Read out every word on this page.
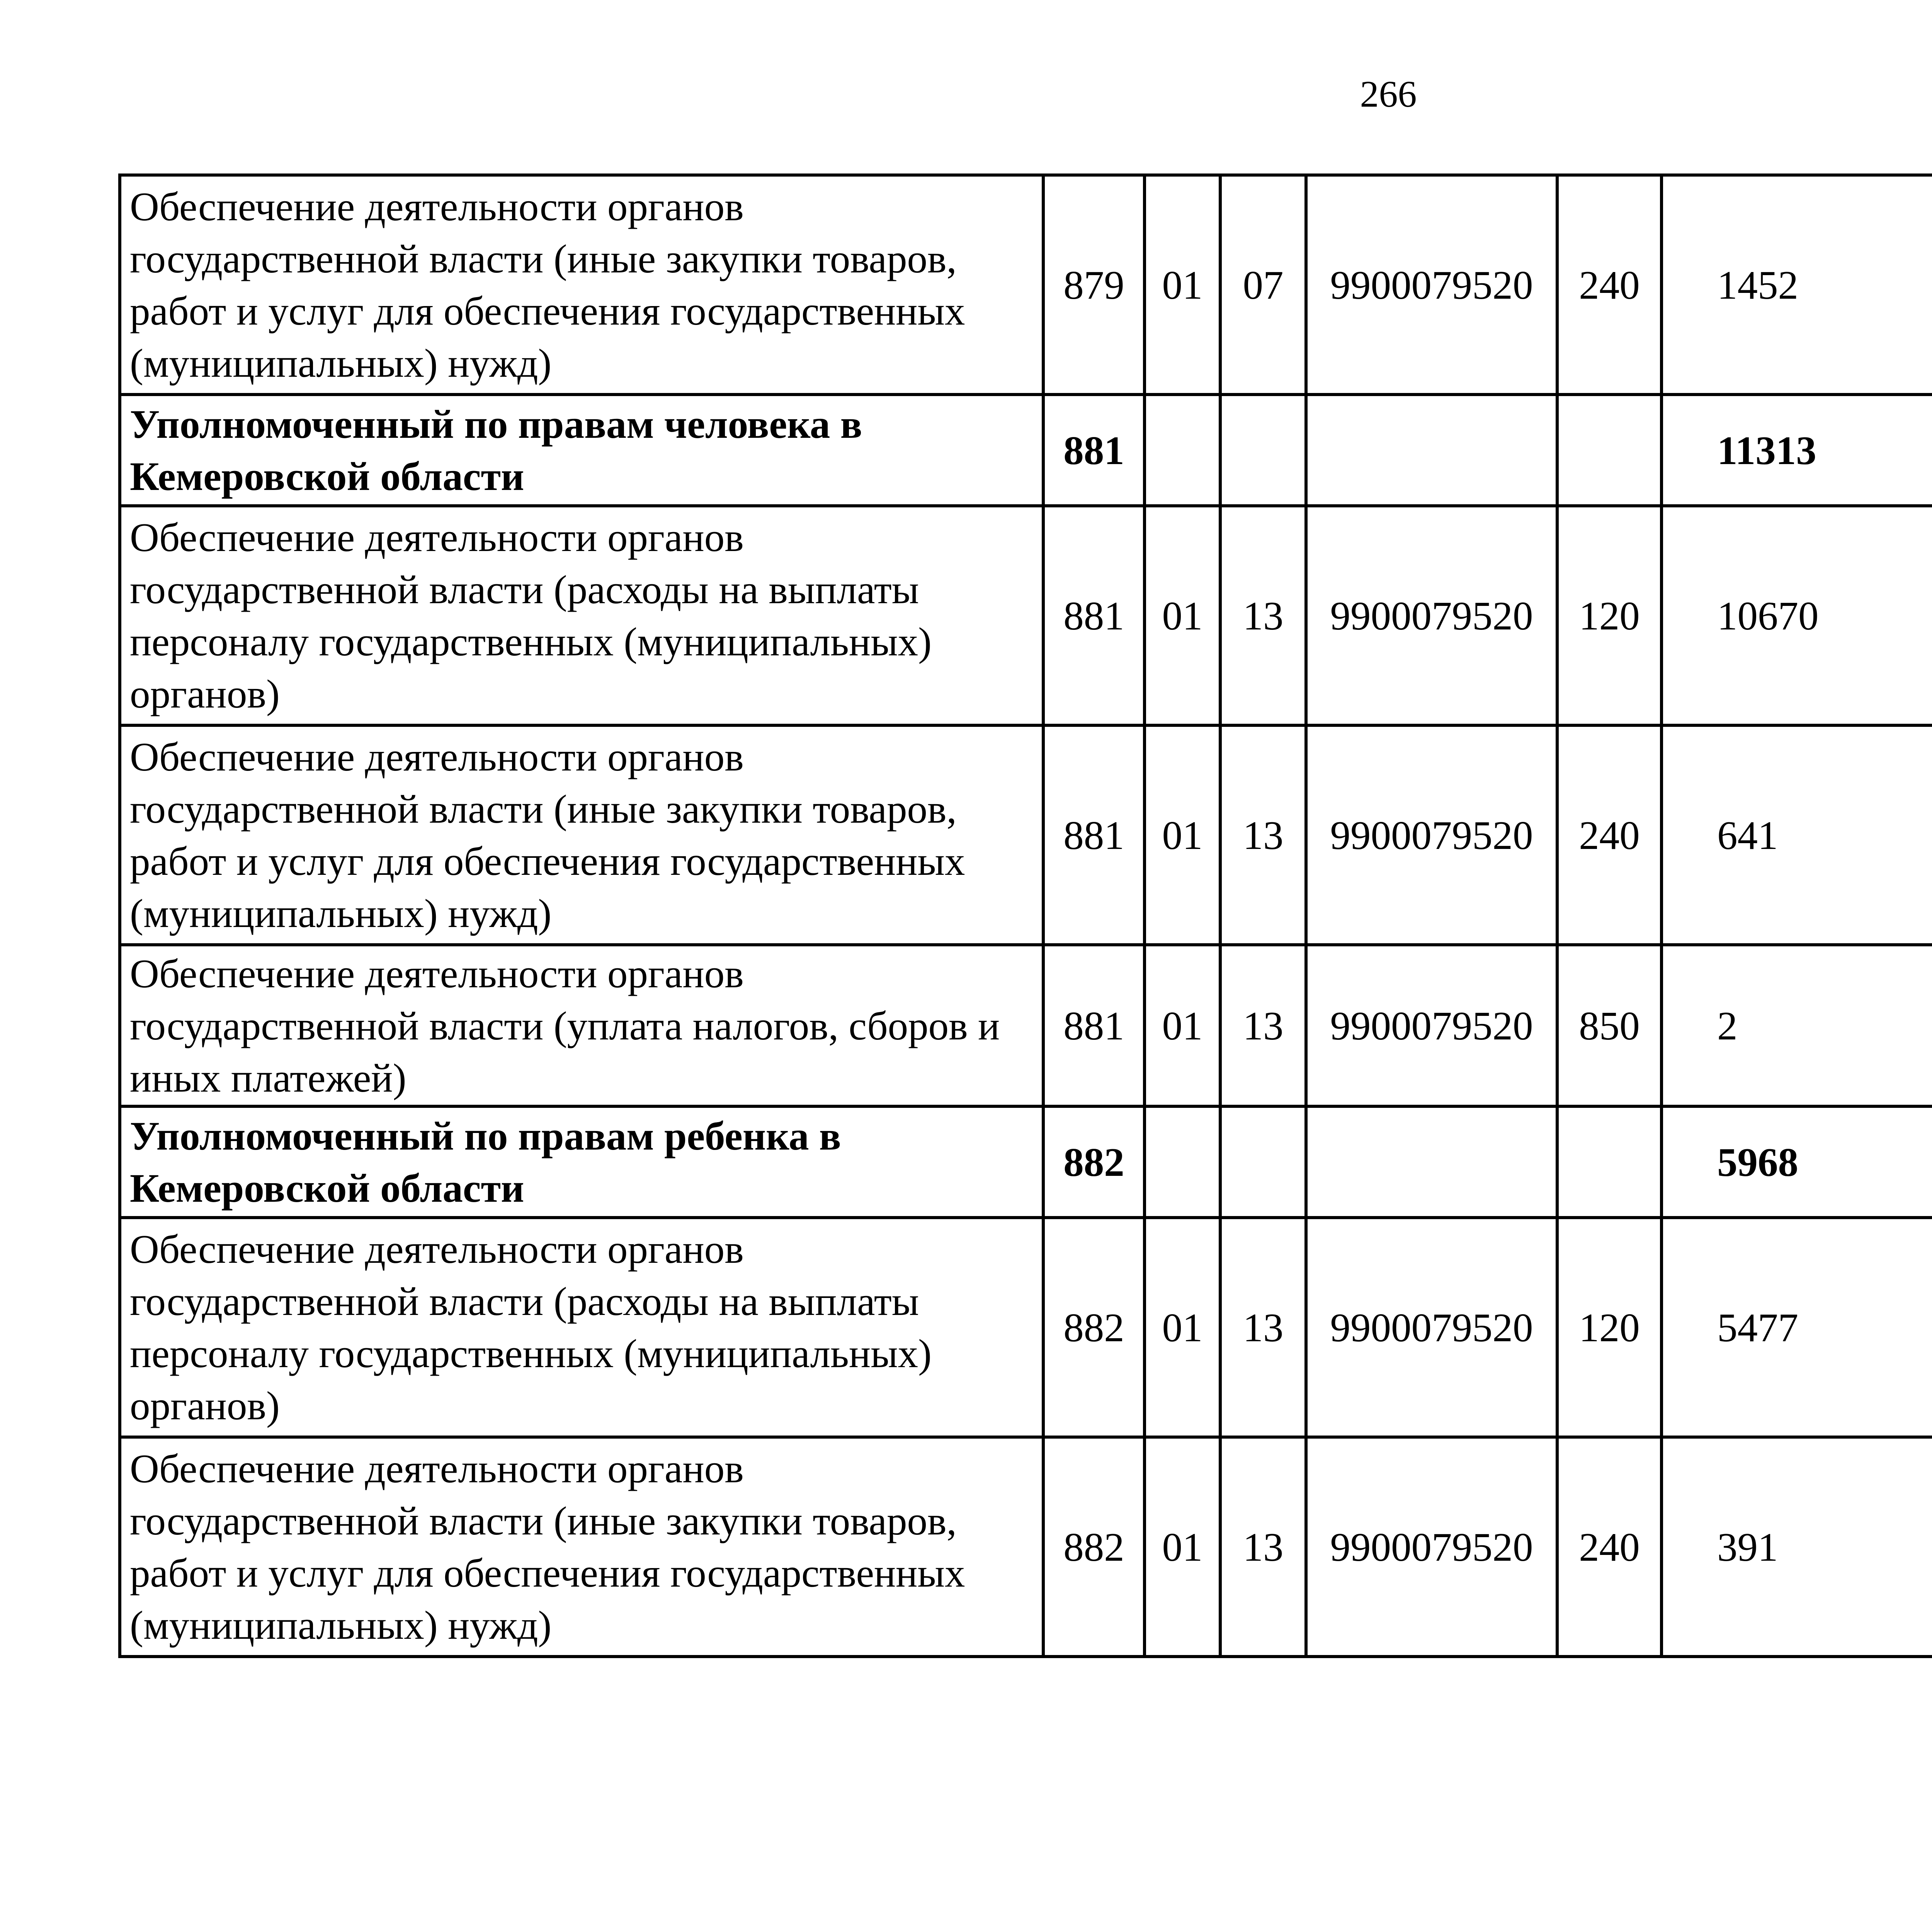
266
Обеспечение деятельности органов государственной власти (иные закупки товаров, работ и услуг для обеспечения государственных (муниципальных) нужд)	879	01	07	9900079520	240	1452		
Уполномоченный по правам человека в Кемеровской области	881					11313		
Обеспечение деятельности органов государственной власти (расходы на выплаты персоналу государственных (муниципальных) органов)	881	01	13	9900079520	120	10670		
Обеспечение деятельности органов государственной власти (иные закупки товаров, работ и услуг для обеспечения государственных (муниципальных) нужд)	881	01	13	9900079520	240	641		
Обеспечение деятельности органов государственной власти (уплата налогов, сборов и иных платежей)	881	01	13	9900079520	850	2		
Уполномоченный по правам ребенка в Кемеровской области	882					5968		
Обеспечение деятельности органов государственной власти (расходы на выплаты персоналу государственных (муниципальных) органов)	882	01	13	9900079520	120	5477		
Обеспечение деятельности органов государственной власти (иные закупки товаров, работ и услуг для обеспечения государственных (муниципальных) нужд)	882	01	13	9900079520	240	391		
